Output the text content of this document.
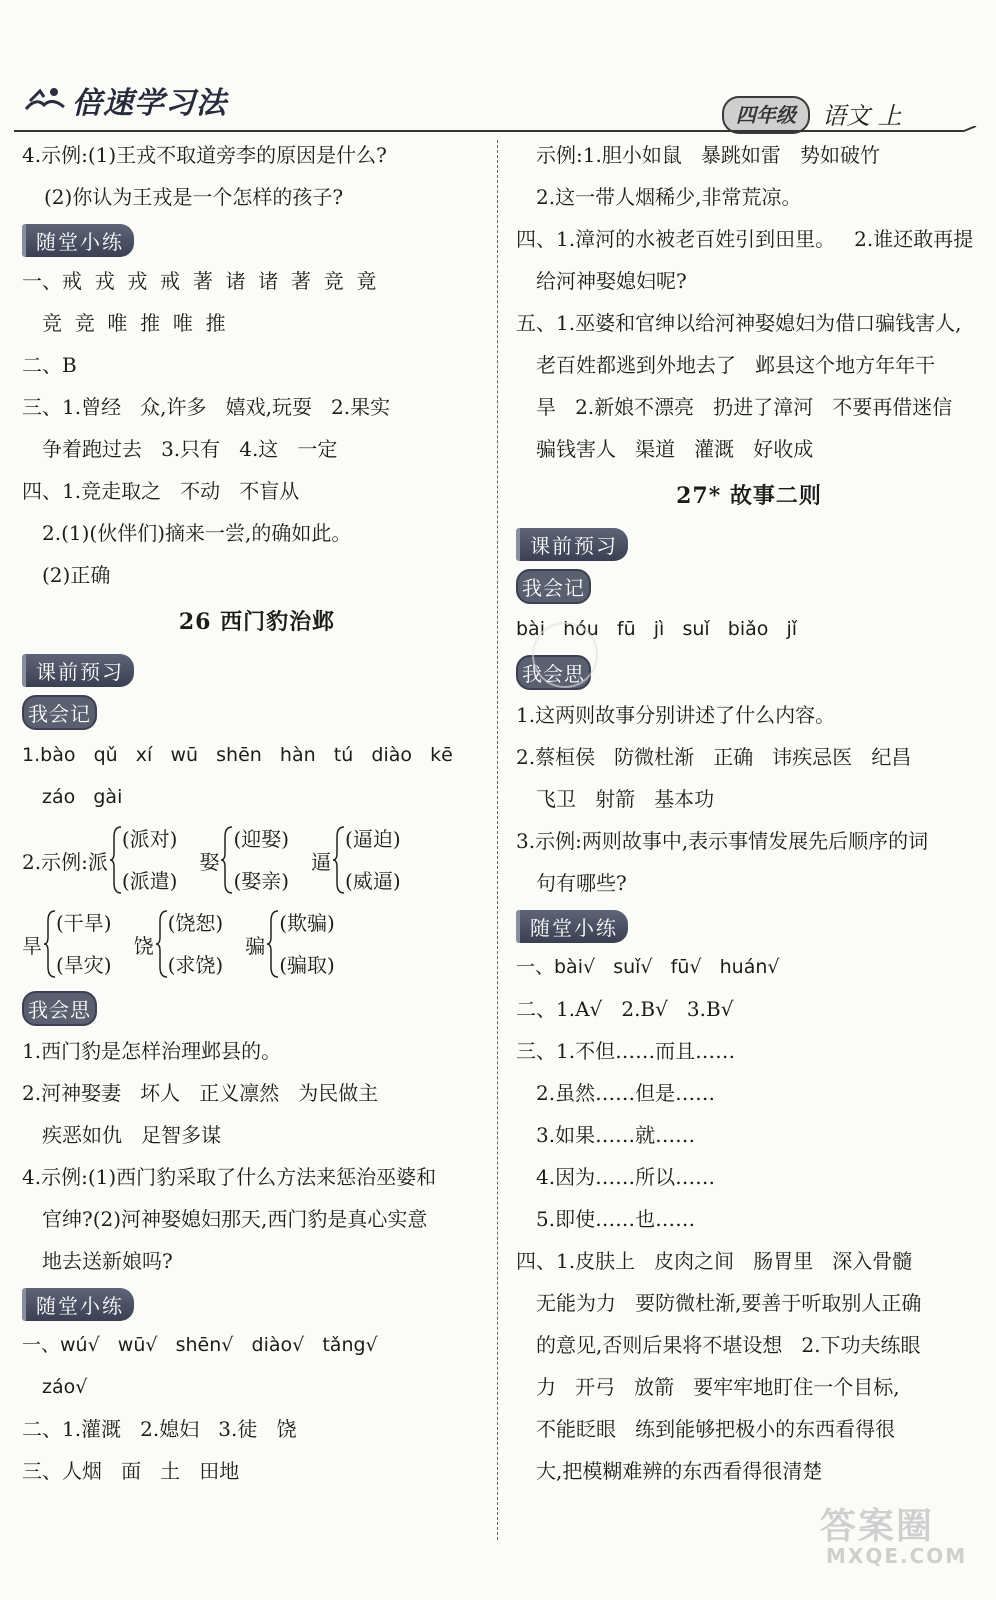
倍速学习法	四年级	语文 上
4.示例:(1)王戎不取道旁李的原因是什么?
(2)你认为王戎是一个怎样的孩子?
随堂小练
一、戒  戎  戎  戒  著  诸  诸  著  竞  竟
竞  竞  唯  推  唯  推
二、B
三、1.曾经   众,许多   嬉戏,玩耍   2.果实
争着跑过去   3.只有   4.这   一定
四、1.竞走取之   不动   不盲从
2.(1)(伙伴们)摘来一尝,的确如此。
(2)正确
26 西门豹治邺
课前预习
我会记
1.bào   qǔ   xí   wū   shēn   hàn   tú   diào   kē
záo   gài
2.示例: 派
(派对)
(派遣)
娶
(迎娶)
(娶亲)
逼
(逼迫)
(威逼)
旱
(干旱)
(旱灾)
饶
(饶恕)
(求饶)
骗
(欺骗)
(骗取)
我会思
1.西门豹是怎样治理邺县的。
2.河神娶妻   坏人   正义凛然   为民做主
疾恶如仇   足智多谋
4.示例:(1)西门豹采取了什么方法来惩治巫婆和
官绅?(2)河神娶媳妇那天,西门豹是真心实意
地去送新娘吗?
随堂小练
一、wú√   wū√   shēn√   diào√   tǎng√
záo√
二、1.灌溉   2.媳妇   3.徒   饶
三、人烟   面   土   田地
示例:1.胆小如鼠   暴跳如雷   势如破竹
2.这一带人烟稀少,非常荒凉。
四、1.漳河的水被老百姓引到田里。   2.谁还敢再提
给河神娶媳妇呢?
五、1.巫婆和官绅以给河神娶媳妇为借口骗钱害人,
老百姓都逃到外地去了   邺县这个地方年年干
旱   2.新娘不漂亮   扔进了漳河   不要再借迷信
骗钱害人   渠道   灌溉   好收成
27* 故事二则
课前预习
我会记
bài   hóu   fū   jì   suǐ   biǎo   jǐ
我会思
1.这两则故事分别讲述了什么内容。
2.蔡桓侯   防微杜渐   正确   讳疾忌医   纪昌
飞卫   射箭   基本功
3.示例:两则故事中,表示事情发展先后顺序的词
句有哪些?
随堂小练
一、bài√   suǐ√   fū√   huán√
二、1.A√   2.B√   3.B√
三、1.不但……而且……
2.虽然……但是……
3.如果……就……
4.因为……所以……
5.即使……也……
四、1.皮肤上   皮肉之间   肠胃里   深入骨髓
无能为力   要防微杜渐,要善于听取别人正确
的意见,否则后果将不堪设想   2.下功夫练眼
力   开弓   放箭   要牢牢地盯住一个目标,
不能眨眼   练到能够把极小的东西看得很
大,把模糊难辨的东西看得很清楚
答案圈
MXQE.COM
